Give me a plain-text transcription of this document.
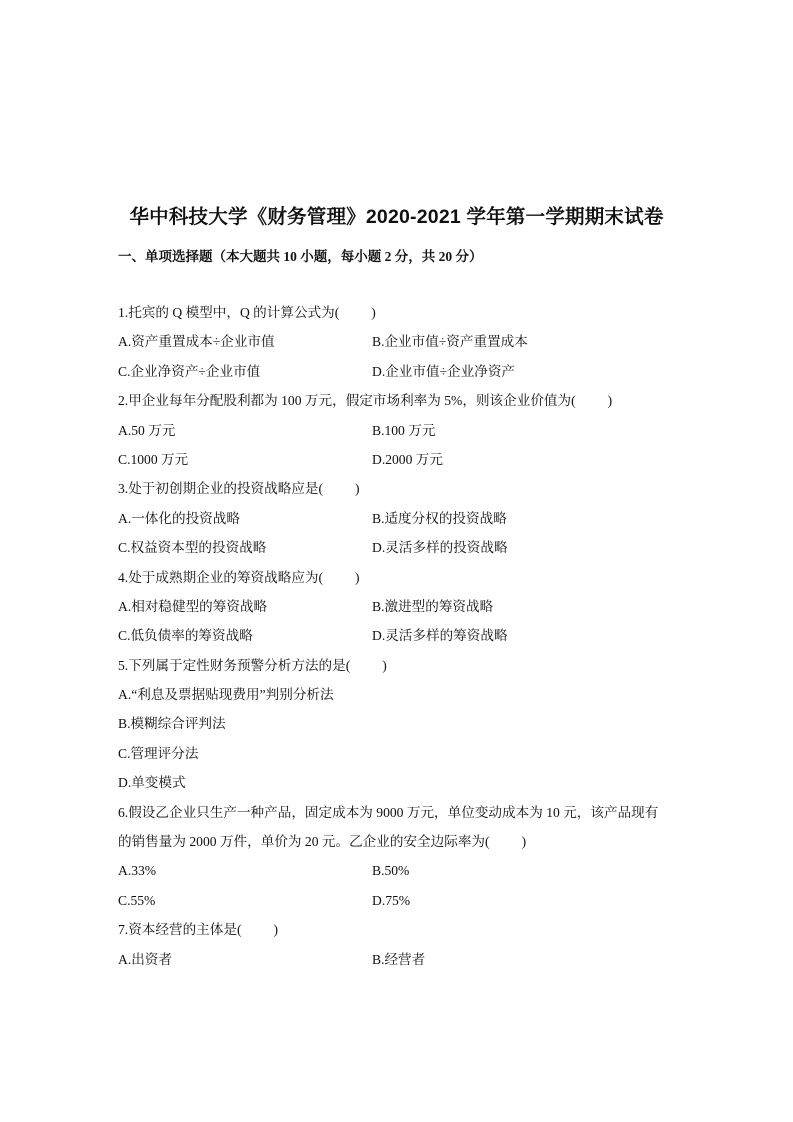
华中科技大学《财务管理》2020-2021 学年第一学期期末试卷
一、单项选择题（本大题共 10 小题，每小题 2 分，共 20 分）
1.托宾的 Q 模型中，Q 的计算公式为( )
A.资产重置成本÷企业市值	B.企业市值÷资产重置成本
C.企业净资产÷企业市值	D.企业市值÷企业净资产
2.甲企业每年分配股利都为 100 万元，假定市场利率为 5%，则该企业价值为( )
A.50 万元	B.100 万元
C.1000 万元	D.2000 万元
3.处于初创期企业的投资战略应是( )
A.一体化的投资战略	B.适度分权的投资战略
C.权益资本型的投资战略	D.灵活多样的投资战略
4.处于成熟期企业的筹资战略应为( )
A.相对稳健型的筹资战略	B.激进型的筹资战略
C.低负债率的筹资战略	D.灵活多样的筹资战略
5.下列属于定性财务预警分析方法的是( )
A.“利息及票据贴现费用”判别分析法
B.模糊综合评判法
C.管理评分法
D.单变模式
6.假设乙企业只生产一种产品，固定成本为 9000 万元，单位变动成本为 10 元，该产品现有
的销售量为 2000 万件，单价为 20 元。乙企业的安全边际率为( )
A.33%	B.50%
C.55%	D.75%
7.资本经营的主体是( )
A.出资者	B.经营者
